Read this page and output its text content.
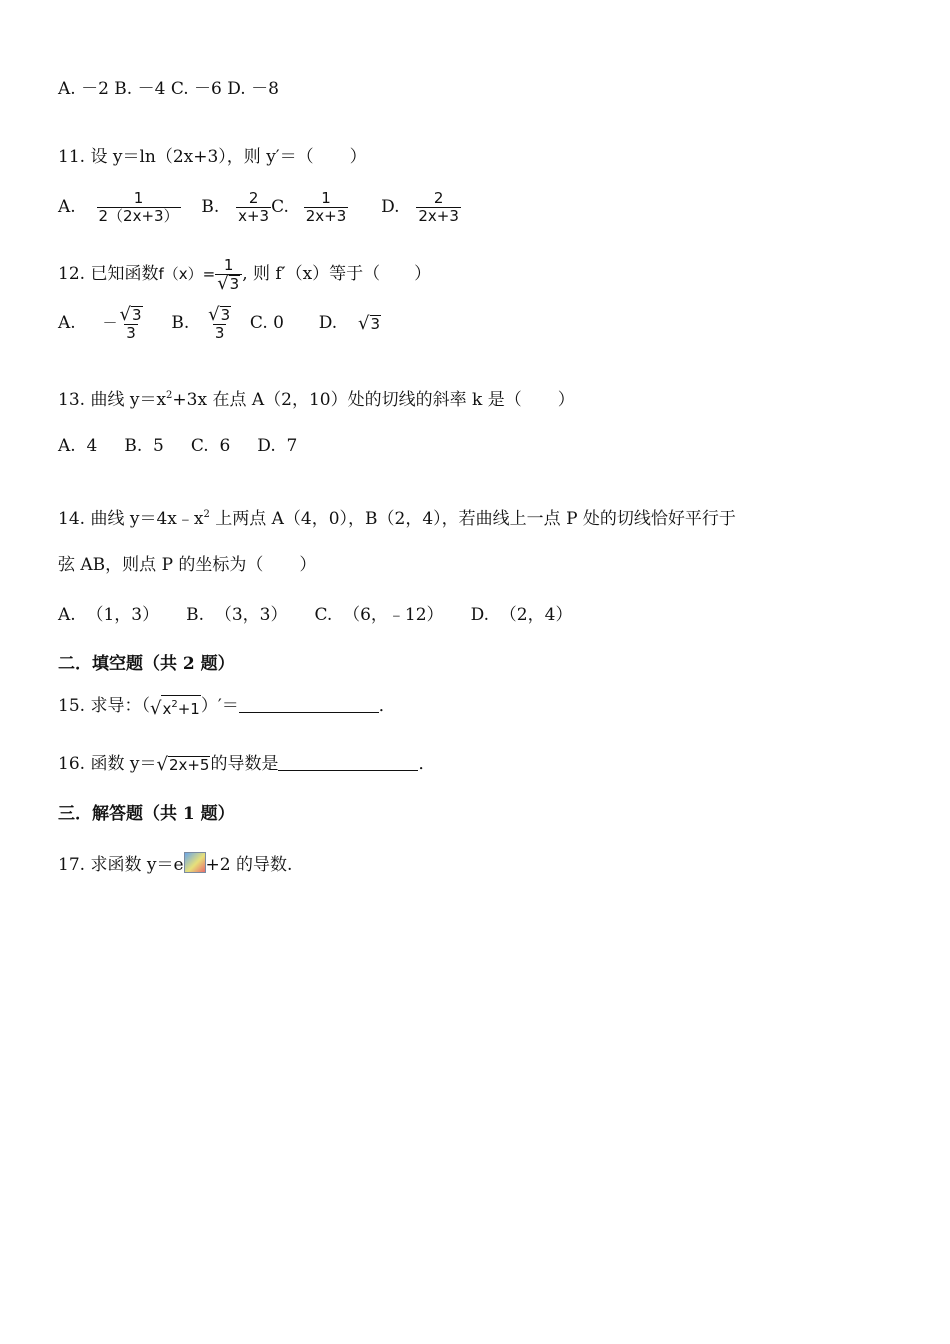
A. －2 B. －4 C. －6 D. －8
11. 设 y＝ln（2x+3），则 y′＝（ ）
A. $\frac{1}{2(2x+3)} B$. $\frac{2}{x+3} C$. $\frac{1}{2x+3} D$. $\frac{2}{2x+3}$
12. 已知函数$f(x)= \frac{1}{√ 3}$ , 则 f′（x）等于（ ）
A. － $\frac{√ 3}{3} B$. $\frac{√ 3}{3} C$. 0 D. √ 3
13. 曲线 $y=x^2+3x$ 在点 A（2，10）处的切线的斜率 k 是（ ）
A.  4     B.  5     C.  6     D.  7
14. 曲线 $y=4x﹣x^2$ 上两点 A（4，0），B（2，4），若曲线上一点 P 处的切线恰好平行于
弦 AB，则点 P 的坐标为（ ）
A.  （1，3）     B.  （3，3）     C.  （6，﹣12）     D.  （2，4）
二．填空题（共 2 题）
15. 求导：（ √ $x^2+1$ ）′＝	．
16. 函数 y＝ √ 2x+5 的导数是	．
三．解答题（共 1 题）
17. 求函数 y＝e +2 的导数.
